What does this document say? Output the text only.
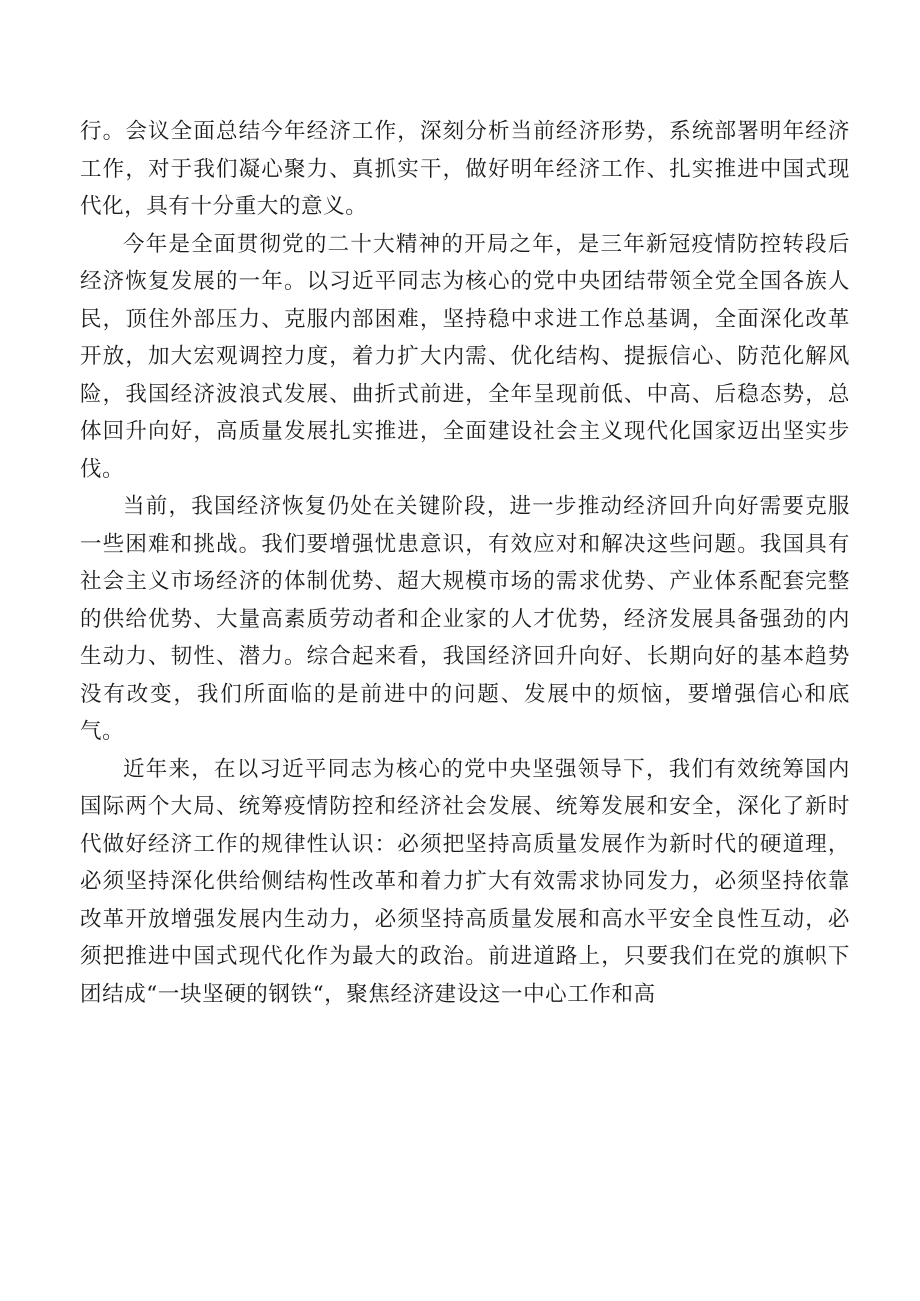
行。会议全面总结今年经济工作，深刻分析当前经济形势，系统部署明年经济工作，对于我们凝心聚力、真抓实干，做好明年经济工作、扎实推进中国式现代化，具有十分重大的意义。

今年是全面贯彻党的二十大精神的开局之年，是三年新冠疫情防控转段后经济恢复发展的一年。以习近平同志为核心的党中央团结带领全党全国各族人民，顶住外部压力、克服内部困难，坚持稳中求进工作总基调，全面深化改革开放，加大宏观调控力度，着力扩大内需、优化结构、提振信心、防范化解风险，我国经济波浪式发展、曲折式前进，全年呈现前低、中高、后稳态势，总体回升向好，高质量发展扎实推进，全面建设社会主义现代化国家迈出坚实步伐。

当前，我国经济恢复仍处在关键阶段，进一步推动经济回升向好需要克服一些困难和挑战。我们要增强忧患意识，有效应对和解决这些问题。我国具有社会主义市场经济的体制优势、超大规模市场的需求优势、产业体系配套完整的供给优势、大量高素质劳动者和企业家的人才优势，经济发展具备强劲的内生动力、韧性、潜力。综合起来看，我国经济回升向好、长期向好的基本趋势没有改变，我们所面临的是前进中的问题、发展中的烦恼，要增强信心和底气。

近年来，在以习近平同志为核心的党中央坚强领导下，我们有效统筹国内国际两个大局、统筹疫情防控和经济社会发展、统筹发展和安全，深化了新时代做好经济工作的规律性认识：必须把坚持高质量发展作为新时代的硬道理，必须坚持深化供给侧结构性改革和着力扩大有效需求协同发力，必须坚持依靠改革开放增强发展内生动力，必须坚持高质量发展和高水平安全良性互动，必须把推进中国式现代化作为最大的政治。前进道路上，只要我们在党的旗帜下团结成“一块坚硬的钢铁“，聚焦经济建设这一中心工作和高
